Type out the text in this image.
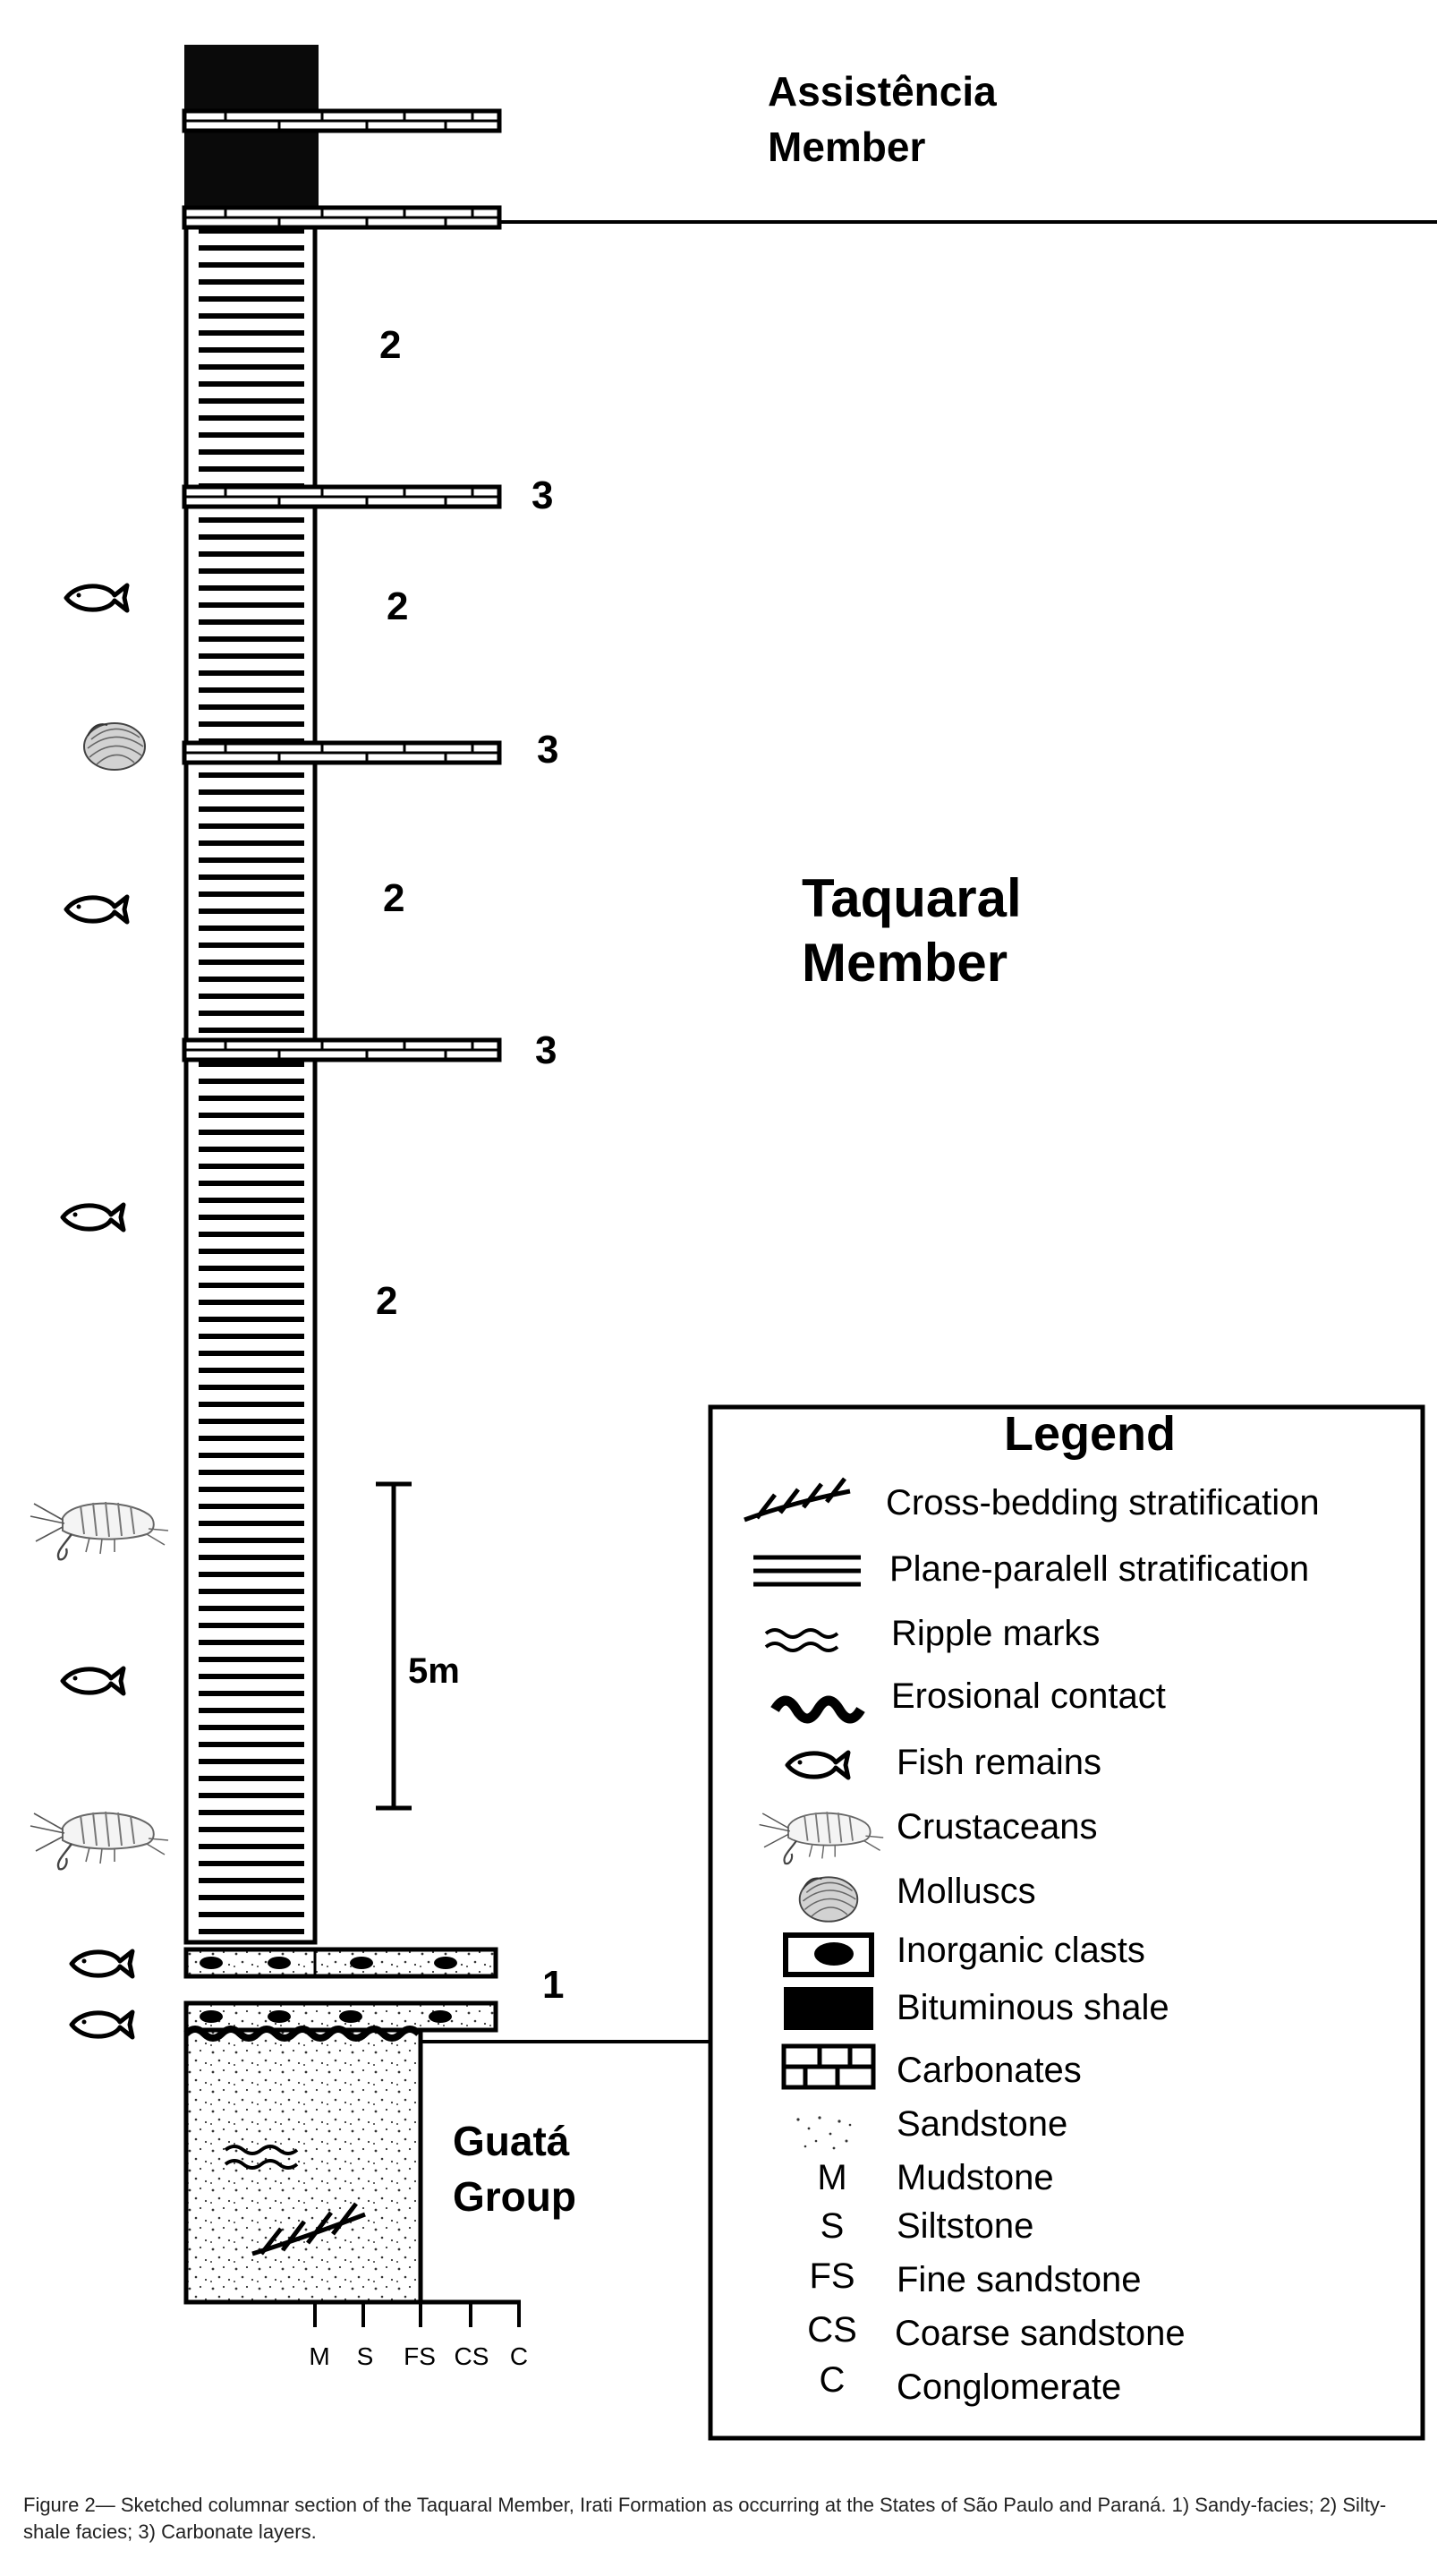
M S FS CS C
Assistência Member
Taquaral Member
Guatá Group
2
3
2
3
2
3
2
1
5m
Legend
M
S
FS
CS
C
Cross-bedding stratification
Plane-paralell stratification
Ripple marks
Erosional contact
Fish remains
Crustaceans
Molluscs
Inorganic clasts
Bituminous shale
Carbonates
Sandstone
Mudstone
Siltstone
Fine sandstone
Coarse sandstone
Conglomerate
Figure 2— Sketched columnar section of the Taquaral Member, Irati Formation as occurring at the States of São Paulo and Paraná. 1) Sandy-facies; 2) Silty-shale facies; 3) Carbonate layers.
